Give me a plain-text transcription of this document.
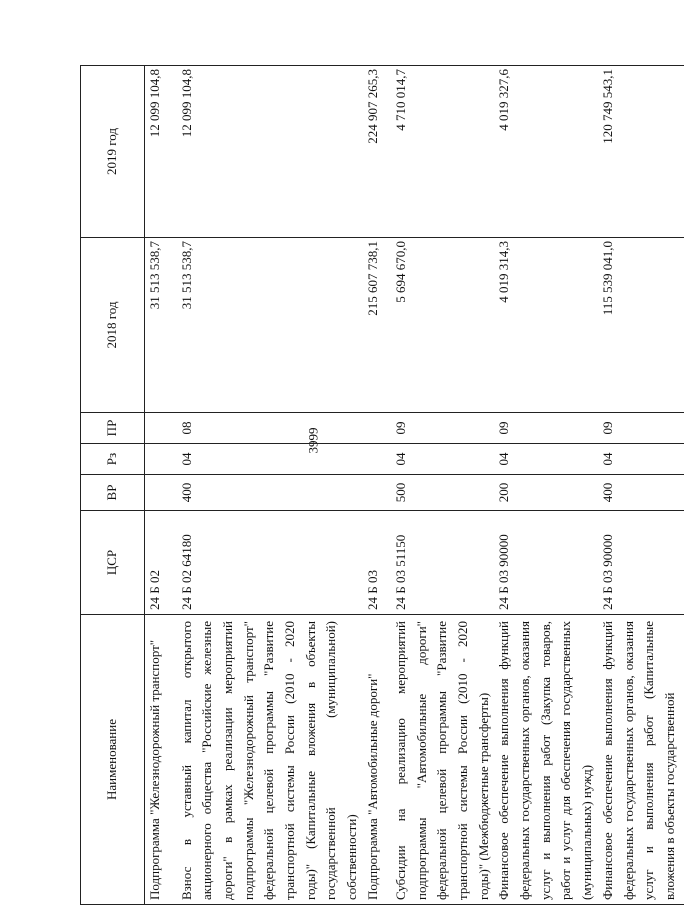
3999
Наименование	ЦСР	ВР	Рз	ПР	2018 год	2019 год
Подпрограмма "Железнодорожный транспорт"	24 Б 02				31 513 538,7	12 099 104,8
Взнос в уставный капитал открытого акционерного общества "Российские железные дороги" в рамках реализации мероприятий подпрограммы "Железнодорожный транспорт" федеральной целевой программы "Развитие транспортной системы России (2010 - 2020 годы)" (Капитальные вложения в объекты государственной (муниципальной) собственности)	24 Б 02 64180	400	04	08	31 513 538,7	12 099 104,8

Подпрограмма "Автомобильные дороги"	24 Б 03				215 607 738,1	224 907 265,3
Субсидии на реализацию мероприятий подпрограммы "Автомобильные дороги" федеральной целевой программы "Развитие транспортной системы России (2010 - 2020 годы)" (Межбюджетные трансферты)	24 Б 03 51150	500	04	09	5 694 670,0	4 710 014,7

Финансовое обеспечение выполнения функций федеральных государственных органов, оказания услуг и выполнения работ (Закупка товаров, работ и услуг для обеспечения государственных (муниципальных) нужд)	24 Б 03 90000	200	04	09	4 019 314,3	4 019 327,6

Финансовое обеспечение выполнения функций федеральных государственных органов, оказания услуг и выполнения работ (Капитальные вложения в объекты государственной	24 Б 03 90000	400	04	09	115 539 041,0	120 749 543,1
